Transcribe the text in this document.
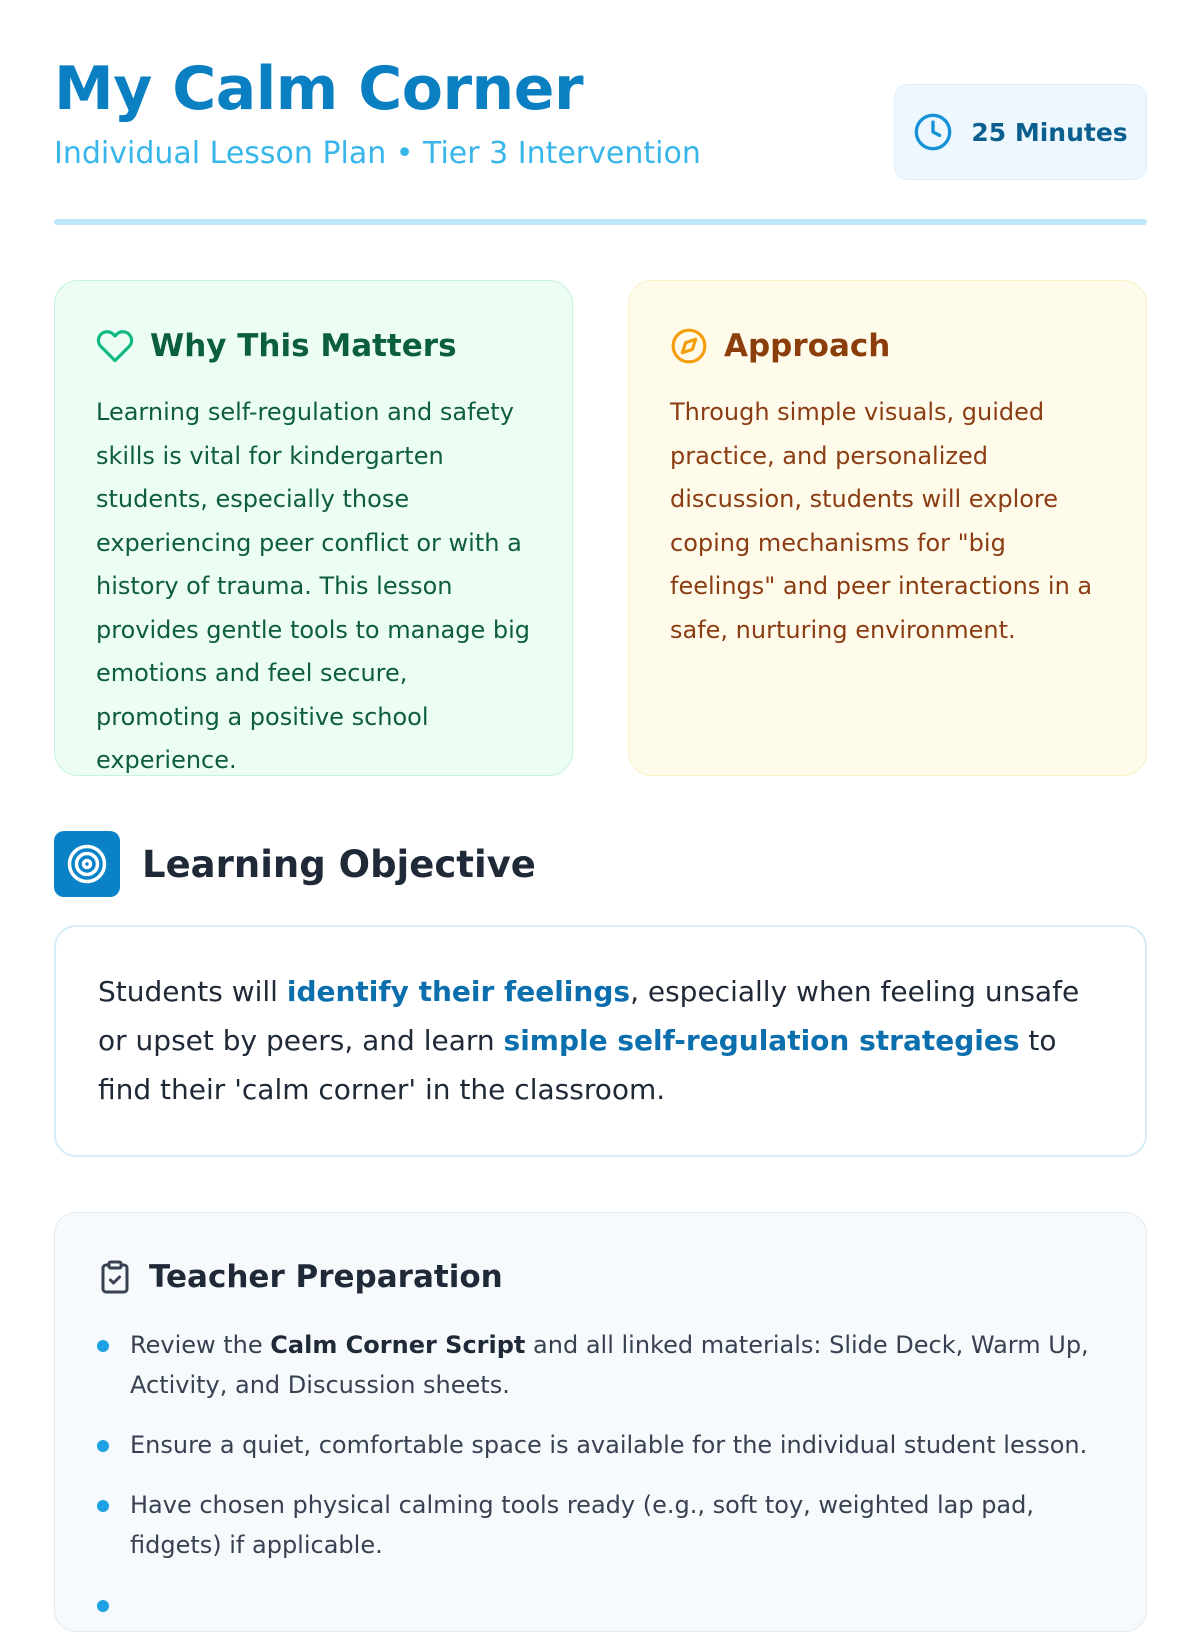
My Calm Corner

Individual Lesson Plan • Tier 3 Intervention

25 Minutes
Why This Matters

Learning self-regulation and safety skills is vital for kindergarten students, especially those experiencing peer conflict or with a history of trauma. This lesson provides gentle tools to manage big emotions and feel secure, promoting a positive school experience.

Approach

Through simple visuals, guided practice, and personalized discussion, students will explore coping mechanisms for "big feelings" and peer interactions in a safe, nurturing environment.

Learning Objective

Students will identify their feelings, especially when feeling unsafe or upset by peers, and learn simple self-regulation strategies to find their 'calm corner' in the classroom.

Teacher Preparation
Review the Calm Corner Script and all linked materials: Slide Deck, Warm Up, Activity, and Discussion sheets.
Ensure a quiet, comfortable space is available for the individual student lesson.
Have chosen physical calming tools ready (e.g., soft toy, weighted lap pad, fidgets) if applicable.
